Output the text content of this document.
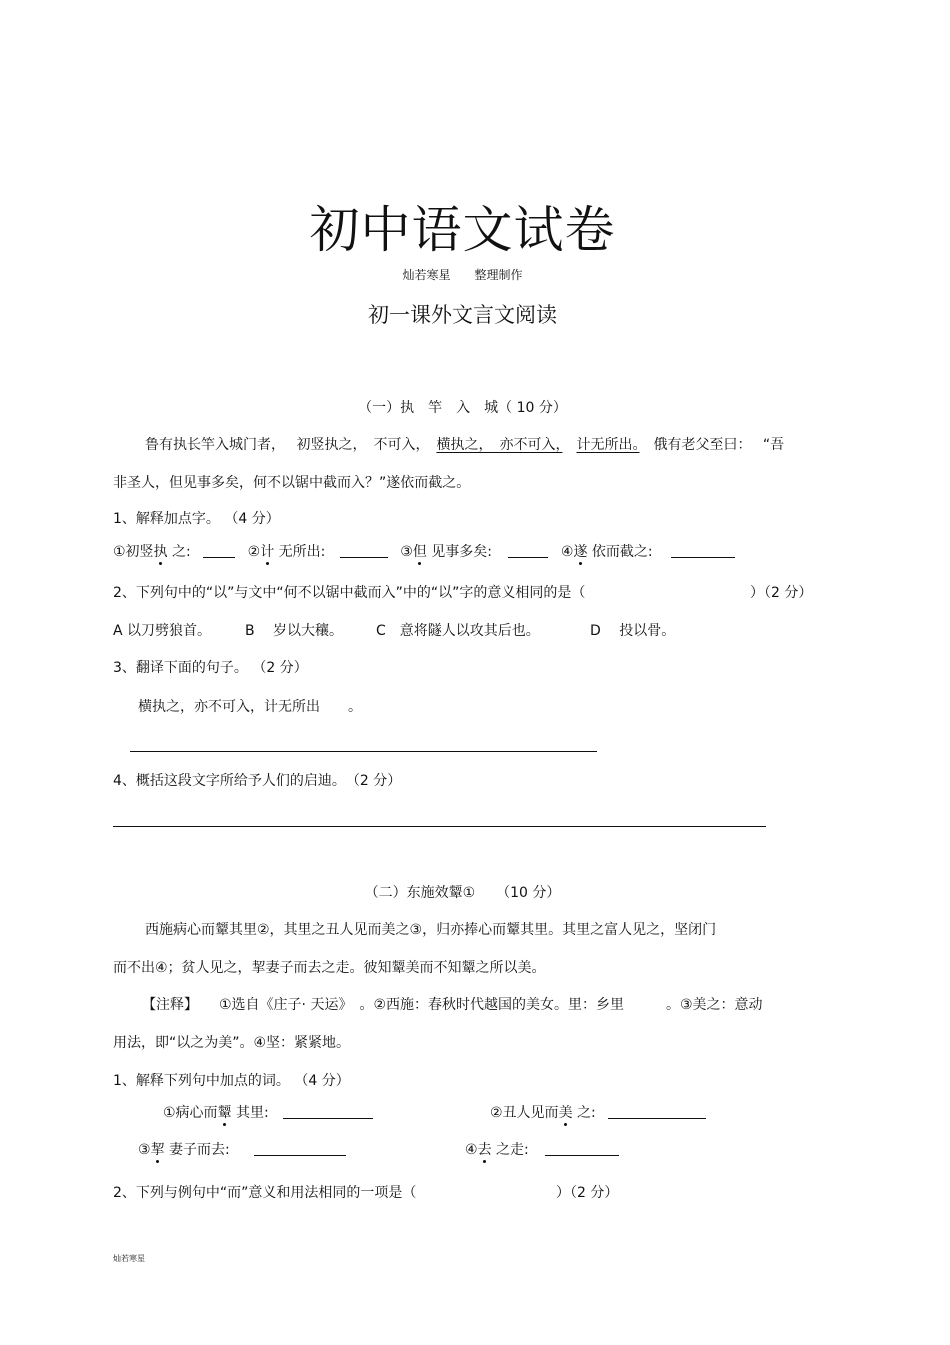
初中语文试卷
灿若寒星　　整理制作
初一课外文言文阅读
（一）执　竿　入　城（ 10 分）
鲁有执长竿入城门者，　 初竖执之，　不可入，　横执之，　亦不可入，　 计无所出。　俄有老父至曰：　 “吾
非圣人，但见事多矣，何不以锯中截而入？”遂依而截之。
1、解释加点字。 （4 分）
①初竖执 之:	②计 无所出:	③但 见事多矣:	④遂 依而截之:
2、下列句中的“以”与文中“何不以锯中截而入”中的“以”字的意义相同的是（	）（2 分）
A 以刀劈狼首。 B　 岁以大穰。 C　意将隧人以攻其后也。	D　 投以骨。
3、翻译下面的句子。 （2 分）
横执之，亦不可入，计无所出　　。
4、概括这段文字所给予人们的启迪。　（2 分）
（二）东施效颦①　　（10 分）
西施病心而颦其里②，其里之丑人见而美之③，归亦捧心而颦其里。其里之富人见之，坚闭门
而不出④；贫人见之，挈妻子而去之走。彼知颦美而不知颦之所以美。
【注释】　　①选自《庄子· 天运》　。②西施：春秋时代越国的美女。里：乡里　　　。③美之：意动
用法，即“以之为美”。④坚：紧紧地。
1、解释下列句中加点的词。 （4 分）
①病心而颦 其里:	②丑人见而美 之:
③挈 妻子而去:	④去 之走:
2、下列与例句中“而”意义和用法相同的一项是（	）（2 分）
灿若寒星
